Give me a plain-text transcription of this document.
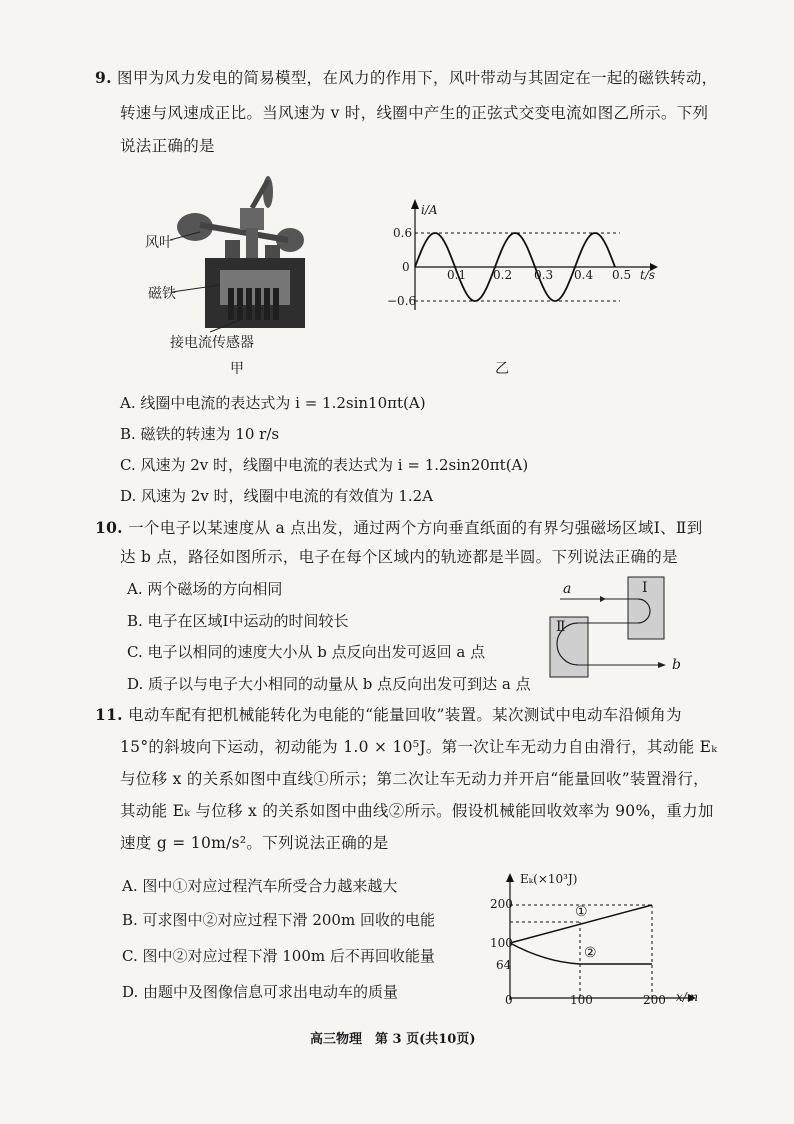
9. 图甲为风力发电的简易模型，在风力的作用下，风叶带动与其固定在一起的磁铁转动，
转速与风速成正比。当风速为 v 时，线圈中产生的正弦式交变电流如图乙所示。下列
说法正确的是
风叶
磁铁
接电流传感器
甲
i/A
0.6
0
−0.6
0.1 0.2 0.3 0.4 0.5 t/s
乙
A. 线圈中电流的表达式为 i = 1.2sin10πt(A)
B. 磁铁的转速为 10 r/s
C. 风速为 2v 时，线圈中电流的表达式为 i = 1.2sin20πt(A)
D. 风速为 2v 时，线圈中电流的有效值为 1.2A
10. 一个电子以某速度从 a 点出发，通过两个方向垂直纸面的有界匀强磁场区域Ⅰ、Ⅱ到
达 b 点，路径如图所示，电子在每个区域内的轨迹都是半圆。下列说法正确的是
A. 两个磁场的方向相同
B. 电子在区域Ⅰ中运动的时间较长
C. 电子以相同的速度大小从 b 点反向出发可返回 a 点
D. 质子以与电子大小相同的动量从 b 点反向出发可到达 a 点
a	Ⅰ
Ⅱ
b
11. 电动车配有把机械能转化为电能的“能量回收”装置。某次测试中电动车沿倾角为
15°的斜坡向下运动，初动能为 1.0 × 10⁵J。第一次让车无动力自由滑行，其动能 Eₖ
与位移 x 的关系如图中直线①所示；第二次让车无动力并开启“能量回收”装置滑行，
其动能 Eₖ 与位移 x 的关系如图中曲线②所示。假设机械能回收效率为 90%，重力加
速度 g = 10m/s²。下列说法正确的是
A. 图中①对应过程汽车所受合力越来越大
B. 可求图中②对应过程下滑 200m 回收的电能
C. 图中②对应过程下滑 100m 后不再回收能量
D. 由题中及图像信息可求出电动车的质量
Eₖ(×10³J)
200
100
64
0	100	200 x/m
①
②
高三物理　第 3 页(共10页)
